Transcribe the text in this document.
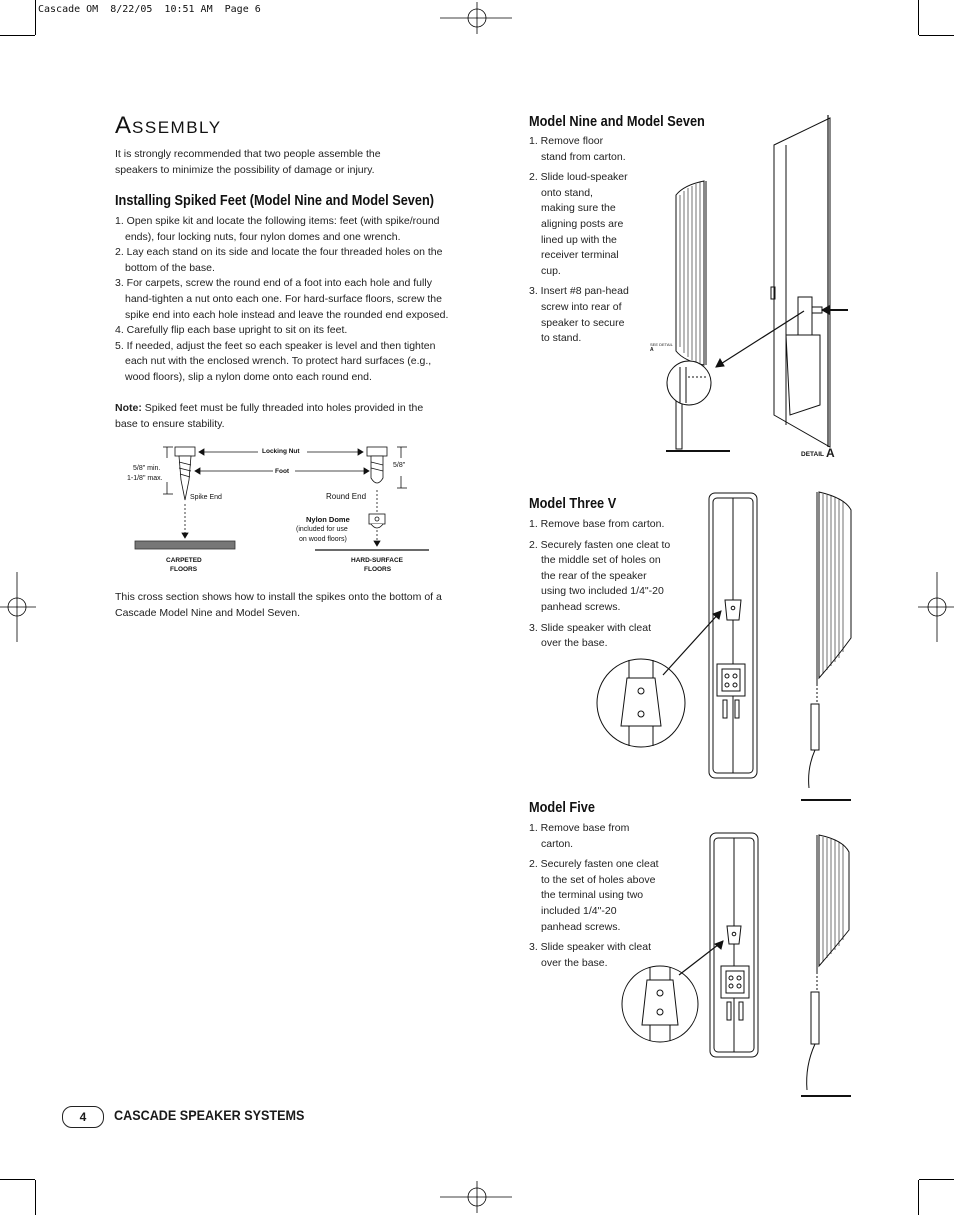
Cascade OM  8/22/05  10:51 AM  Page 6
ASSEMBLY
It is strongly recommended that two people assemble the speakers to minimize the possibility of damage or injury.
Installing Spiked Feet (Model Nine and Model Seven)
1. Open spike kit and locate the following items: feet (with spike/round ends), four locking nuts, four nylon domes and one wrench.
2. Lay each stand on its side and locate the four threaded holes on the bottom of the base.
3. For carpets, screw the round end of a foot into each hole and fully hand-tighten a nut onto each one. For hard-surface floors, screw the spike end into each hole instead and leave the rounded end exposed.
4. Carefully flip each base upright to sit on its feet.
5. If needed, adjust the feet so each speaker is level and then tighten each nut with the enclosed wrench. To protect hard surfaces (e.g., wood floors), slip a nylon dome onto each round end.
Note: Spiked feet must be fully threaded into holes provided in the base to ensure stability.
Locking Nut
Foot
5/8" min.
1-1/8" max.
Spike End	Round End
5/8"
Nylon Dome
(included for use
on wood floors)
CARPETED
FLOORS
HARD-SURFACE
FLOORS
This cross section shows how to install the spikes onto the bottom of a Cascade Model Nine and Model Seven.
Model Nine and Model Seven
1. Remove floor stand from carton.
2. Slide loud-speaker onto stand, making sure the aligning posts are lined up with the receiver terminal cup.
3. Insert #8 pan-head screw into rear of speaker to secure to stand.
SEE DETAIL
A
DETAIL A
Model Three V
1. Remove base from carton.
2. Securely fasten one cleat to the middle set of holes on the rear of the speaker using two included 1/4"-20 panhead screws.
3. Slide speaker with cleat over the base.
Model Five
1. Remove base from carton.
2. Securely fasten one cleat to the set of holes above the terminal using two included 1/4"-20 panhead screws.
3. Slide speaker with cleat over the base.
4	CASCADE SPEAKER SYSTEMS
